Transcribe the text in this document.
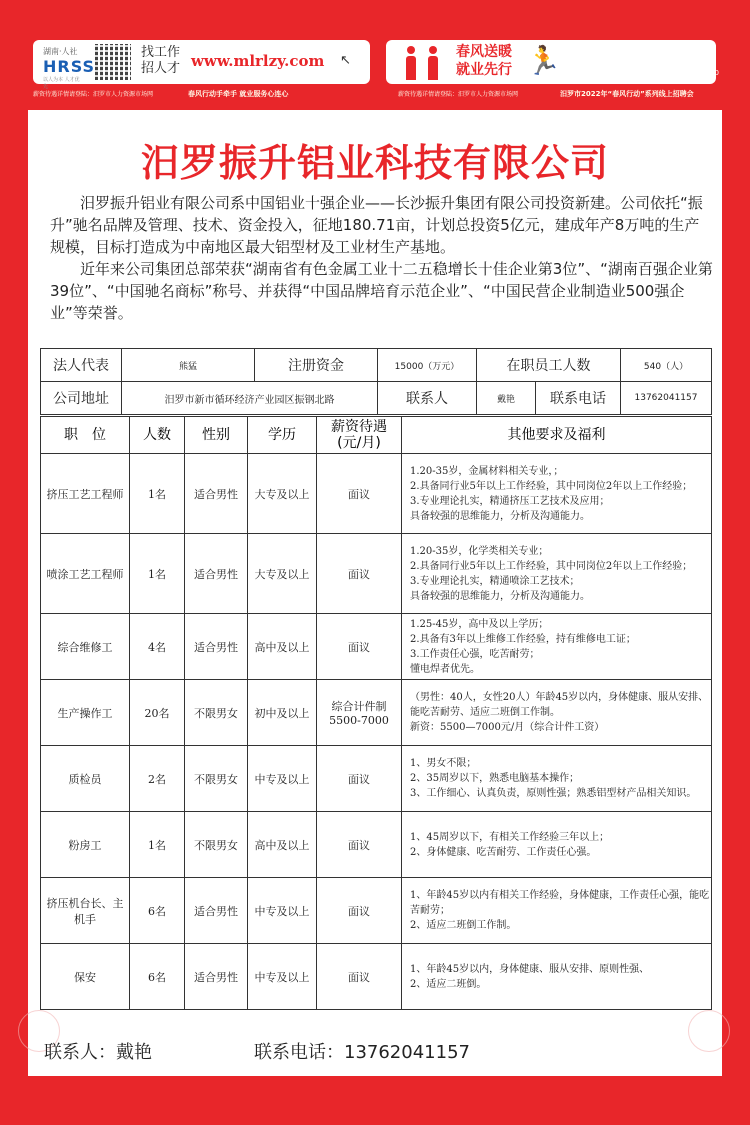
湖南·人社
HRSS
以人为本 人才优先
找工作
招人才 www.mlrlzy.com ↖
春风送暖
就业先行 🏃	汨罗市人力资源和社会保障局
人力资源服务中心 0730-3382890
汨罗市就业服务中心 0730-3393110
薪资待遇详情请登陆：汨罗市人力资源市场网	春风行动手牵手 就业服务心连心	薪资待遇详情请登陆：汨罗市人力资源市场网	汨罗市2022年“春风行动”系列线上招聘会
汨罗振升铝业科技有限公司

汨罗振升铝业有限公司系中国铝业十强企业——长沙振升集团有限公司投资新建。公司依托“振升”驰名品牌及管理、技术、资金投入，征地180.71亩，计划总投资5亿元，建成年产8万吨的生产规模，目标打造成为中南地区最大铝型材及工业材生产基地。

近年来公司集团总部荣获“湖南省有色金属工业十二五稳增长十佳企业第3位”、“湖南百强企业第39位”、“中国驰名商标”称号、并获得“中国品牌培育示范企业”、“中国民营企业制造业500强企业”等荣誉。

法人代表	熊猛	注册资金	15000（万元）	在职员工人数		540（人）
公司地址	汨罗市新市循环经济产业园区振钢北路		联系人	戴艳	联系电话	13762041157
职　位	人数	性别	学历	薪资待遇
(元/月)	其他要求及福利
挤压工艺工程师	1名	适合男性	大专及以上	面议	1.20-35岁，金属材料相关专业，；
2.具备同行业5年以上工作经验，其中同岗位2年以上工作经验；
3.专业理论扎实，精通挤压工艺技术及应用；
具备较强的思维能力，分析及沟通能力。
喷涂工艺工程师	1名	适合男性	大专及以上	面议	1.20-35岁，化学类相关专业；
2.具备同行业5年以上工作经验，其中同岗位2年以上工作经验；
3.专业理论扎实，精通喷涂工艺技术；
具备较强的思维能力，分析及沟通能力。
综合维修工	4名	适合男性	高中及以上	面议	1.25-45岁，高中及以上学历；
2.具备有3年以上维修工作经验，持有维修电工证；
3.工作责任心强，吃苦耐劳；
懂电焊者优先。
生产操作工	20名	不限男女	初中及以上	综合计件制
5500-7000	（男性：40人，女性20人）年龄45岁以内，身体健康、服从安排、能吃苦耐劳、适应二班倒工作制。
新资：5500—7000元/月（综合计件工资）
质检员	2名	不限男女	中专及以上	面议	1、男女不限；
2、35周岁以下，熟悉电脑基本操作；
3、工作细心、认真负责，原则性强；熟悉铝型材产品相关知识。
粉房工	1名	不限男女	高中及以上	面议	1、45周岁以下，有相关工作经验三年以上；
2、身体健康、吃苦耐劳、工作责任心强。
挤压机台长、主机手	6名	适合男性	中专及以上	面议	1、年龄45岁以内有相关工作经验，身体健康，工作责任心强，能吃苦耐劳；
2、适应二班倒工作制。
保安	6名	适合男性	中专及以上	面议	1、年龄45岁以内，身体健康、服从安排、原则性强、
2、适应二班倒。
联系人：戴艳	联系电话：13762041157
